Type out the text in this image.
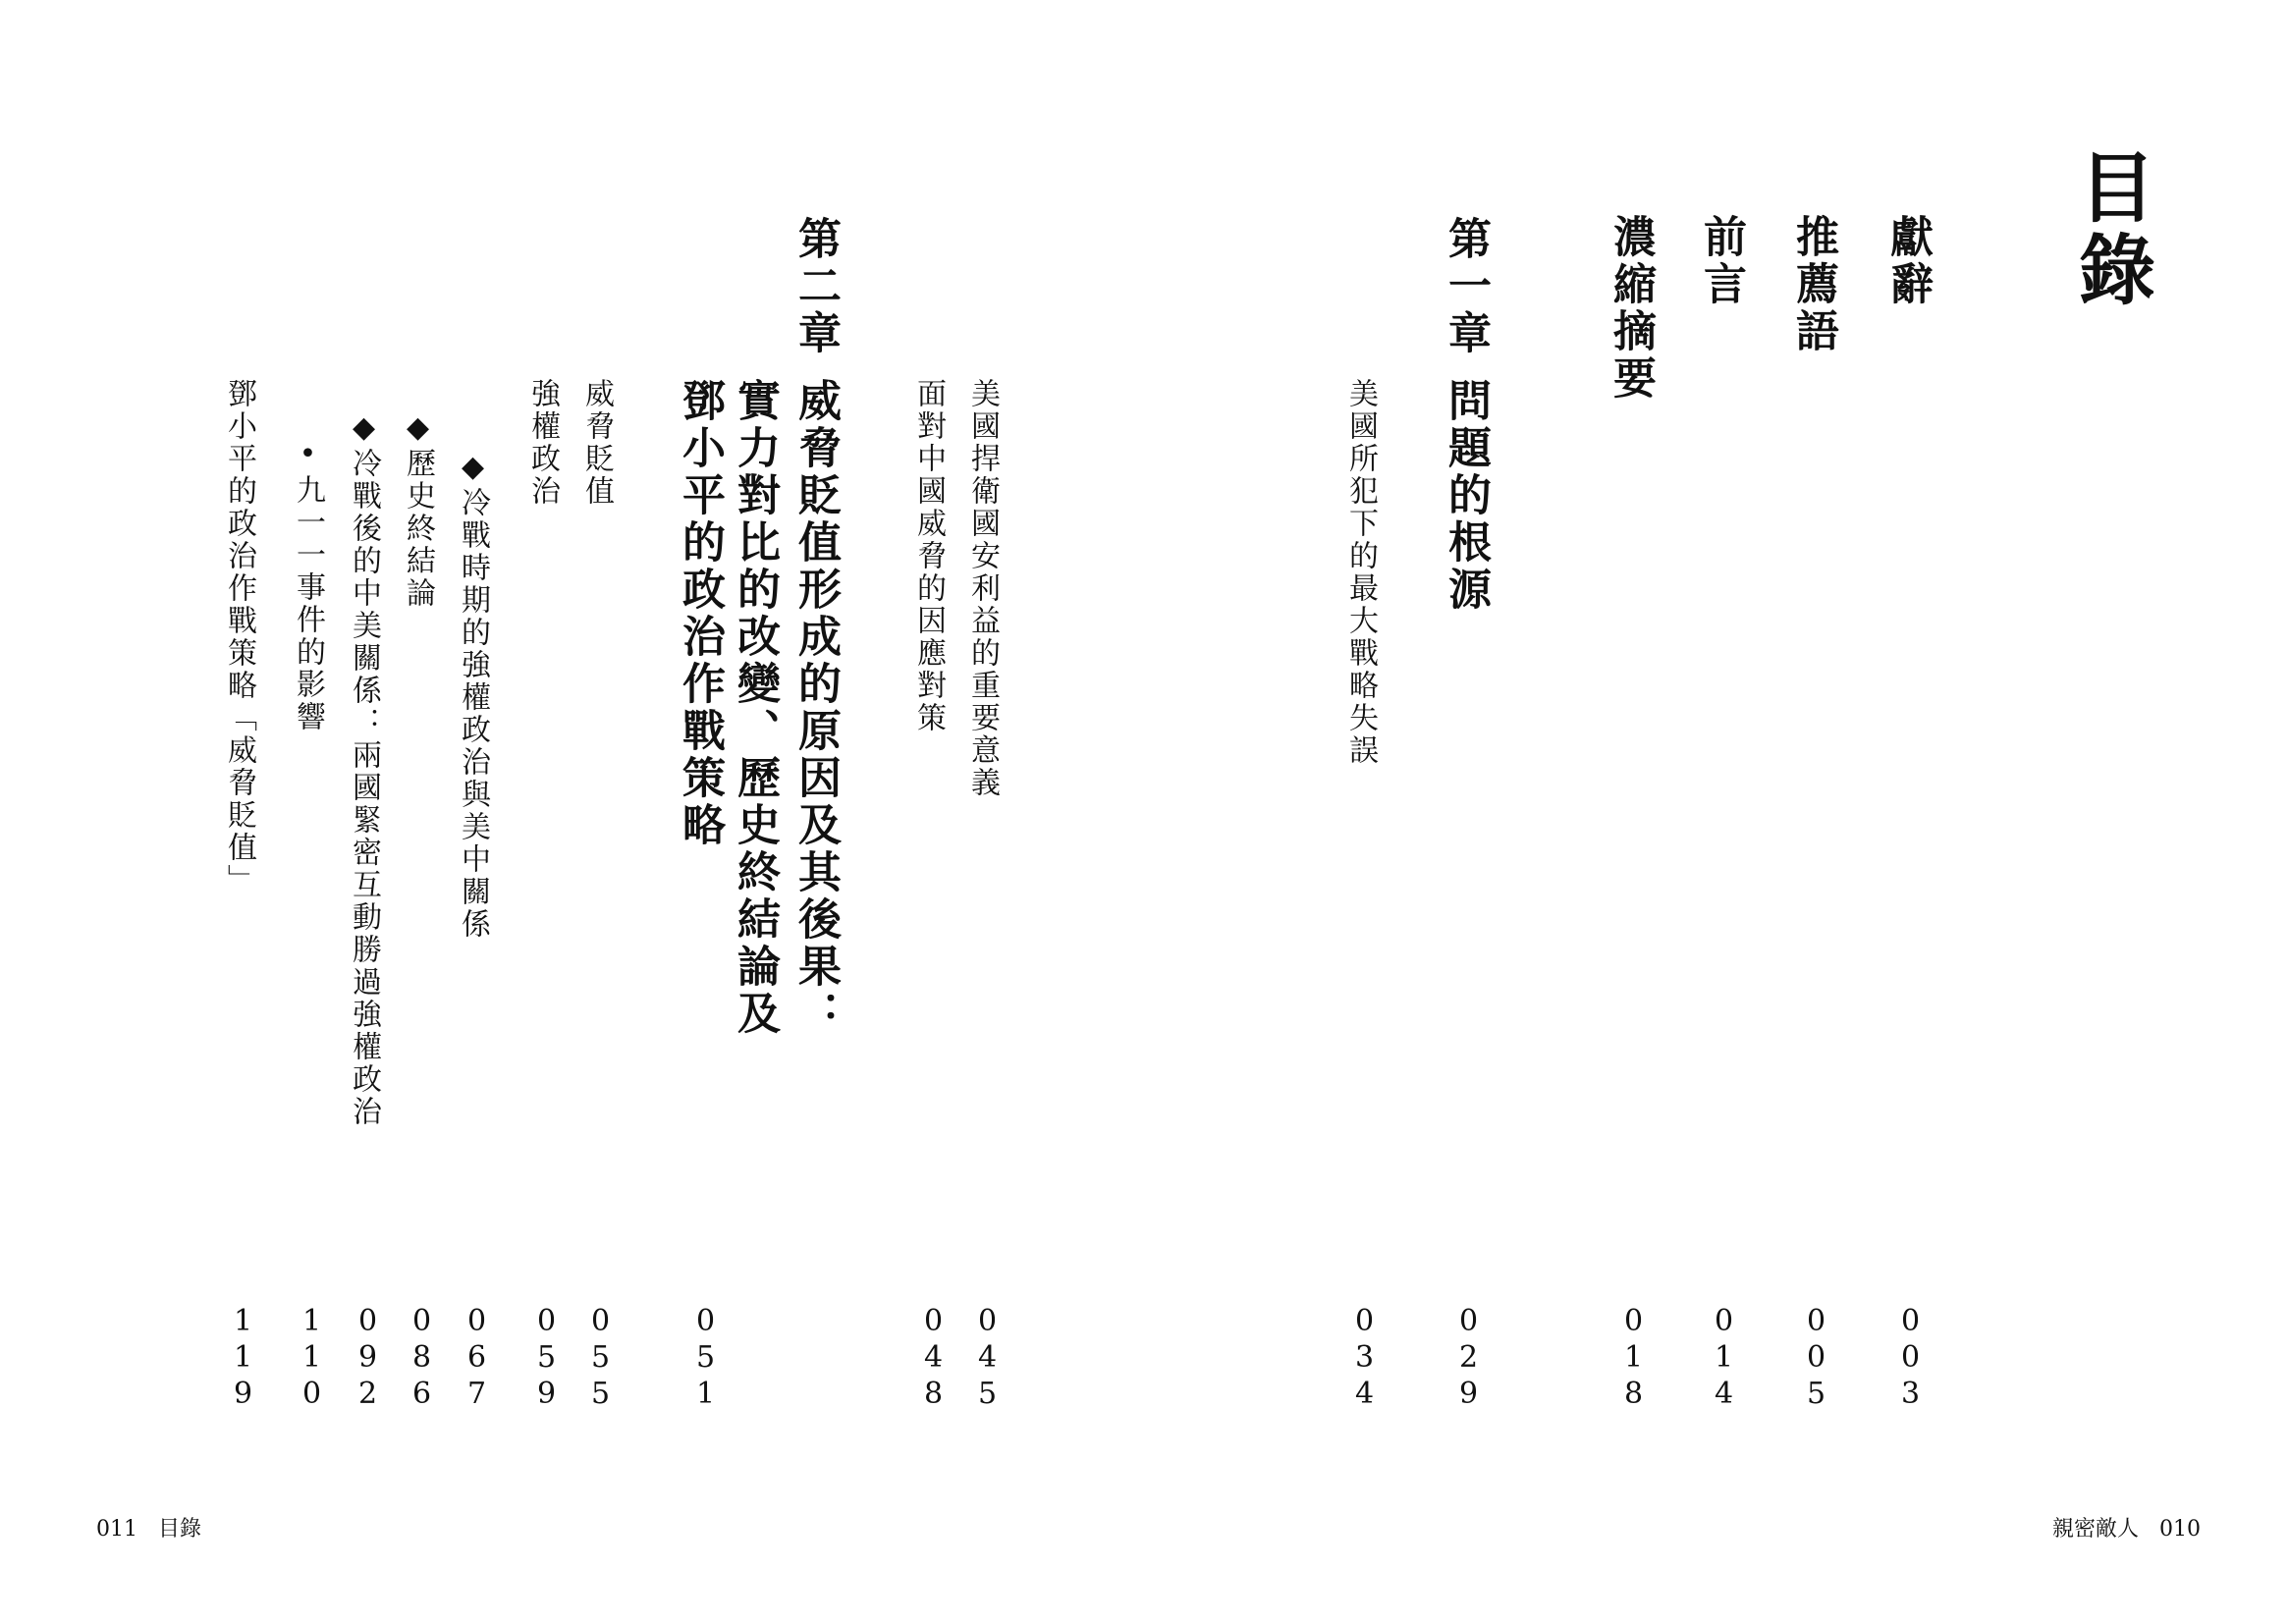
目錄
獻辭
003
推薦語
005
前言
014
濃縮摘要
018
第一章
問題的根源
029
美國所犯下的最大戰略失誤
034
美國捍衛國安利益的重要意義
045
面對中國威脅的因應對策
048
第二章
威脅貶值形成的原因及其後果：
實力對比的改變、歷史終結論及
鄧小平的政治作戰策略
051
威脅貶值
055
強權政治
059
◆冷戰時期的強權政治與美中關係
067
◆歷史終結論
086
◆冷戰後的中美關係：兩國緊密互動勝過強權政治
092
•九一一事件的影響
110
鄧小平的政治作戰策略「威脅貶值」
119
011 目錄	親密敵人 010
